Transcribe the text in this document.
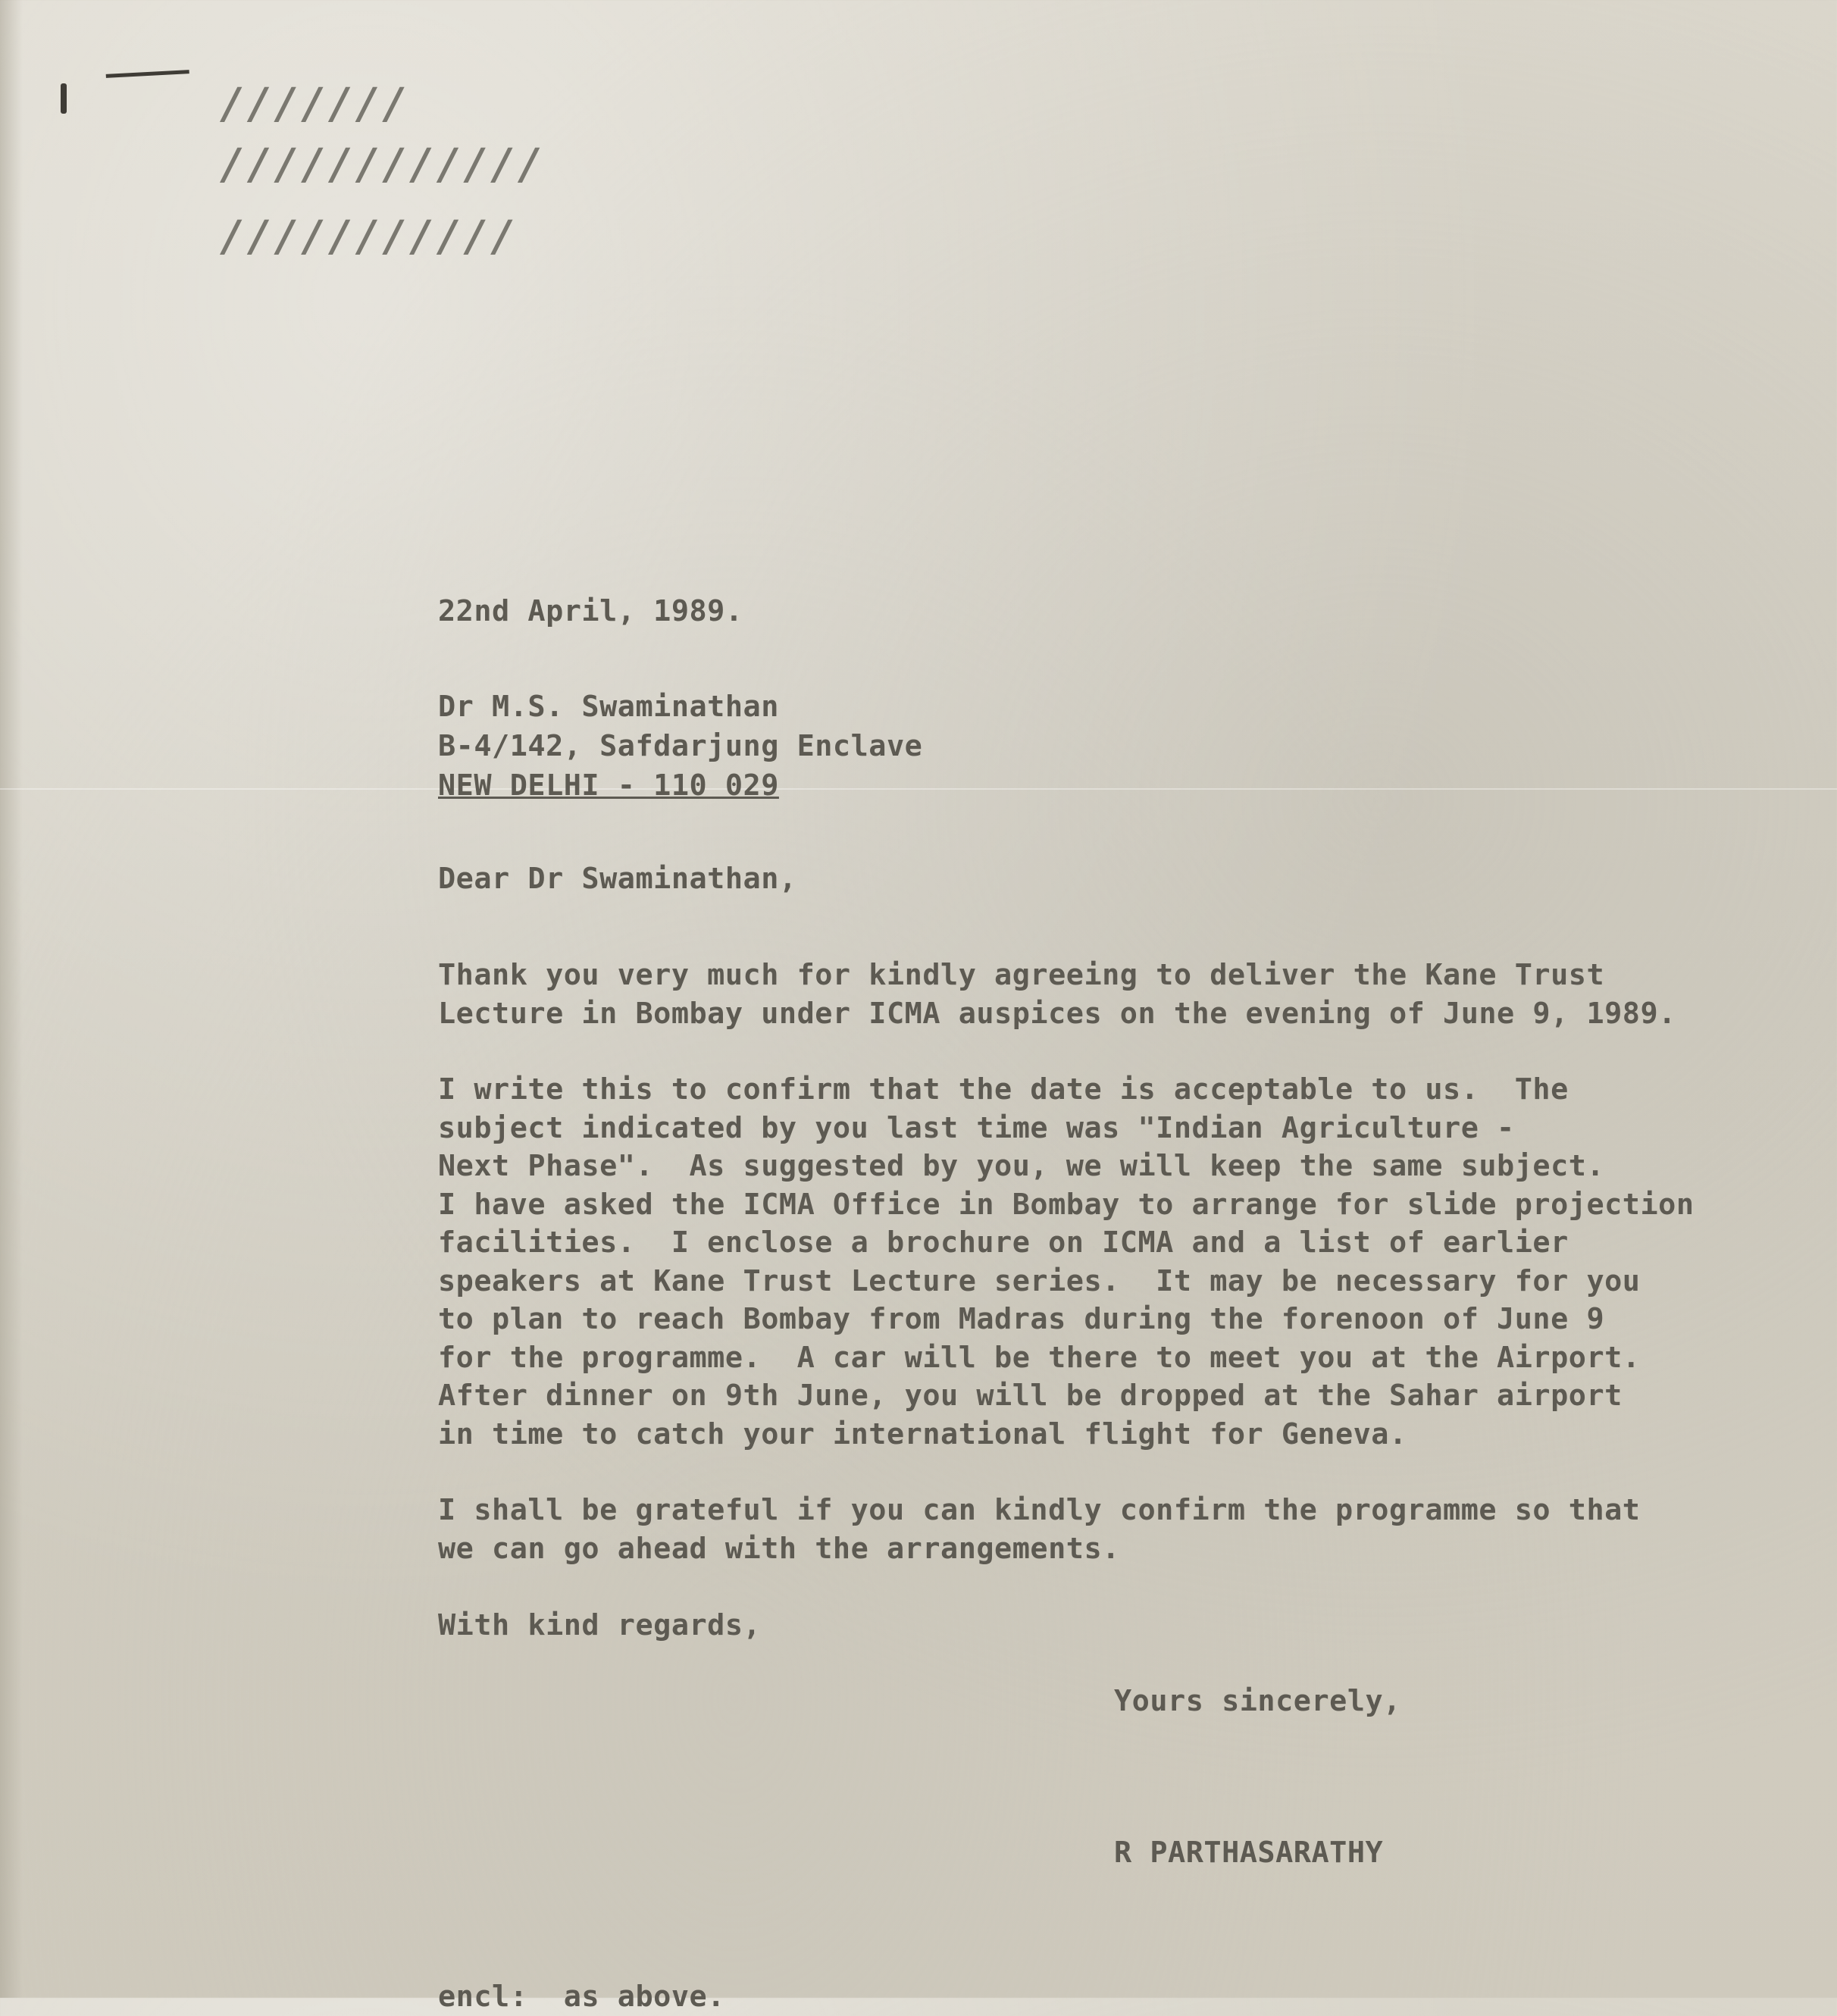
///////
////////////
///////////
22nd April, 1989.
Dr M.S. Swaminathan
B-4/142, Safdarjung Enclave
NEW DELHI - 110 029
Dear Dr Swaminathan,
Thank you very much for kindly agreeing to deliver the Kane Trust
Lecture in Bombay under ICMA auspices on the evening of June 9, 1989.
I write this to confirm that the date is acceptable to us.  The
subject indicated by you last time was "Indian Agriculture -
Next Phase".  As suggested by you, we will keep the same subject.
I have asked the ICMA Office in Bombay to arrange for slide projection
facilities.  I enclose a brochure on ICMA and a list of earlier
speakers at Kane Trust Lecture series.  It may be necessary for you
to plan to reach Bombay from Madras during the forenoon of June 9
for the programme.  A car will be there to meet you at the Airport.
After dinner on 9th June, you will be dropped at the Sahar airport
in time to catch your international flight for Geneva.
I shall be grateful if you can kindly confirm the programme so that
we can go ahead with the arrangements.
With kind regards,
Yours sincerely,
R PARTHASARATHY
encl:  as above.
